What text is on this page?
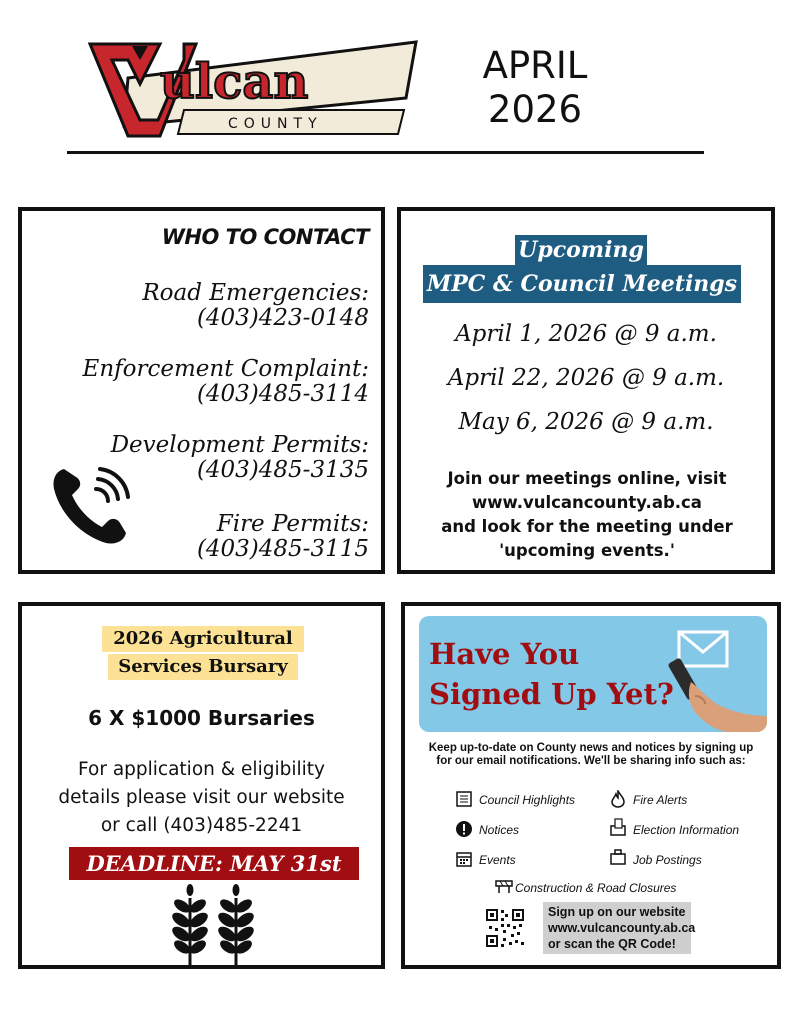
ulcan
COUNTY
APRIL
2026
WHO TO CONTACT
Road Emergencies:
(403)423-0148
Enforcement Complaint:
(403)485-3114
Development Permits:
(403)485-3135
Fire Permits:
(403)485-3115
Upcoming
MPC & Council Meetings
April 1, 2026 @ 9 a.m.
April 22, 2026 @ 9 a.m.
May 6, 2026 @ 9 a.m.
Join our meetings online, visit
www.vulcancounty.ab.ca
and look for the meeting under
'upcoming events.'
2026 Agricultural
Services Bursary
6 X $1000 Bursaries
For application & eligibility
details please visit our website
or call (403)485-2241
DEADLINE: MAY 31st
Have You
Signed Up Yet?
Keep up-to-date on County news and notices by signing up
for our email notifications. We'll be sharing info such as:
Council Highlights	Fire Alerts
Notices	Election Information
Events	Job Postings
Construction & Road Closures
Sign up on our website
www.vulcancounty.ab.ca
or scan the QR Code!
